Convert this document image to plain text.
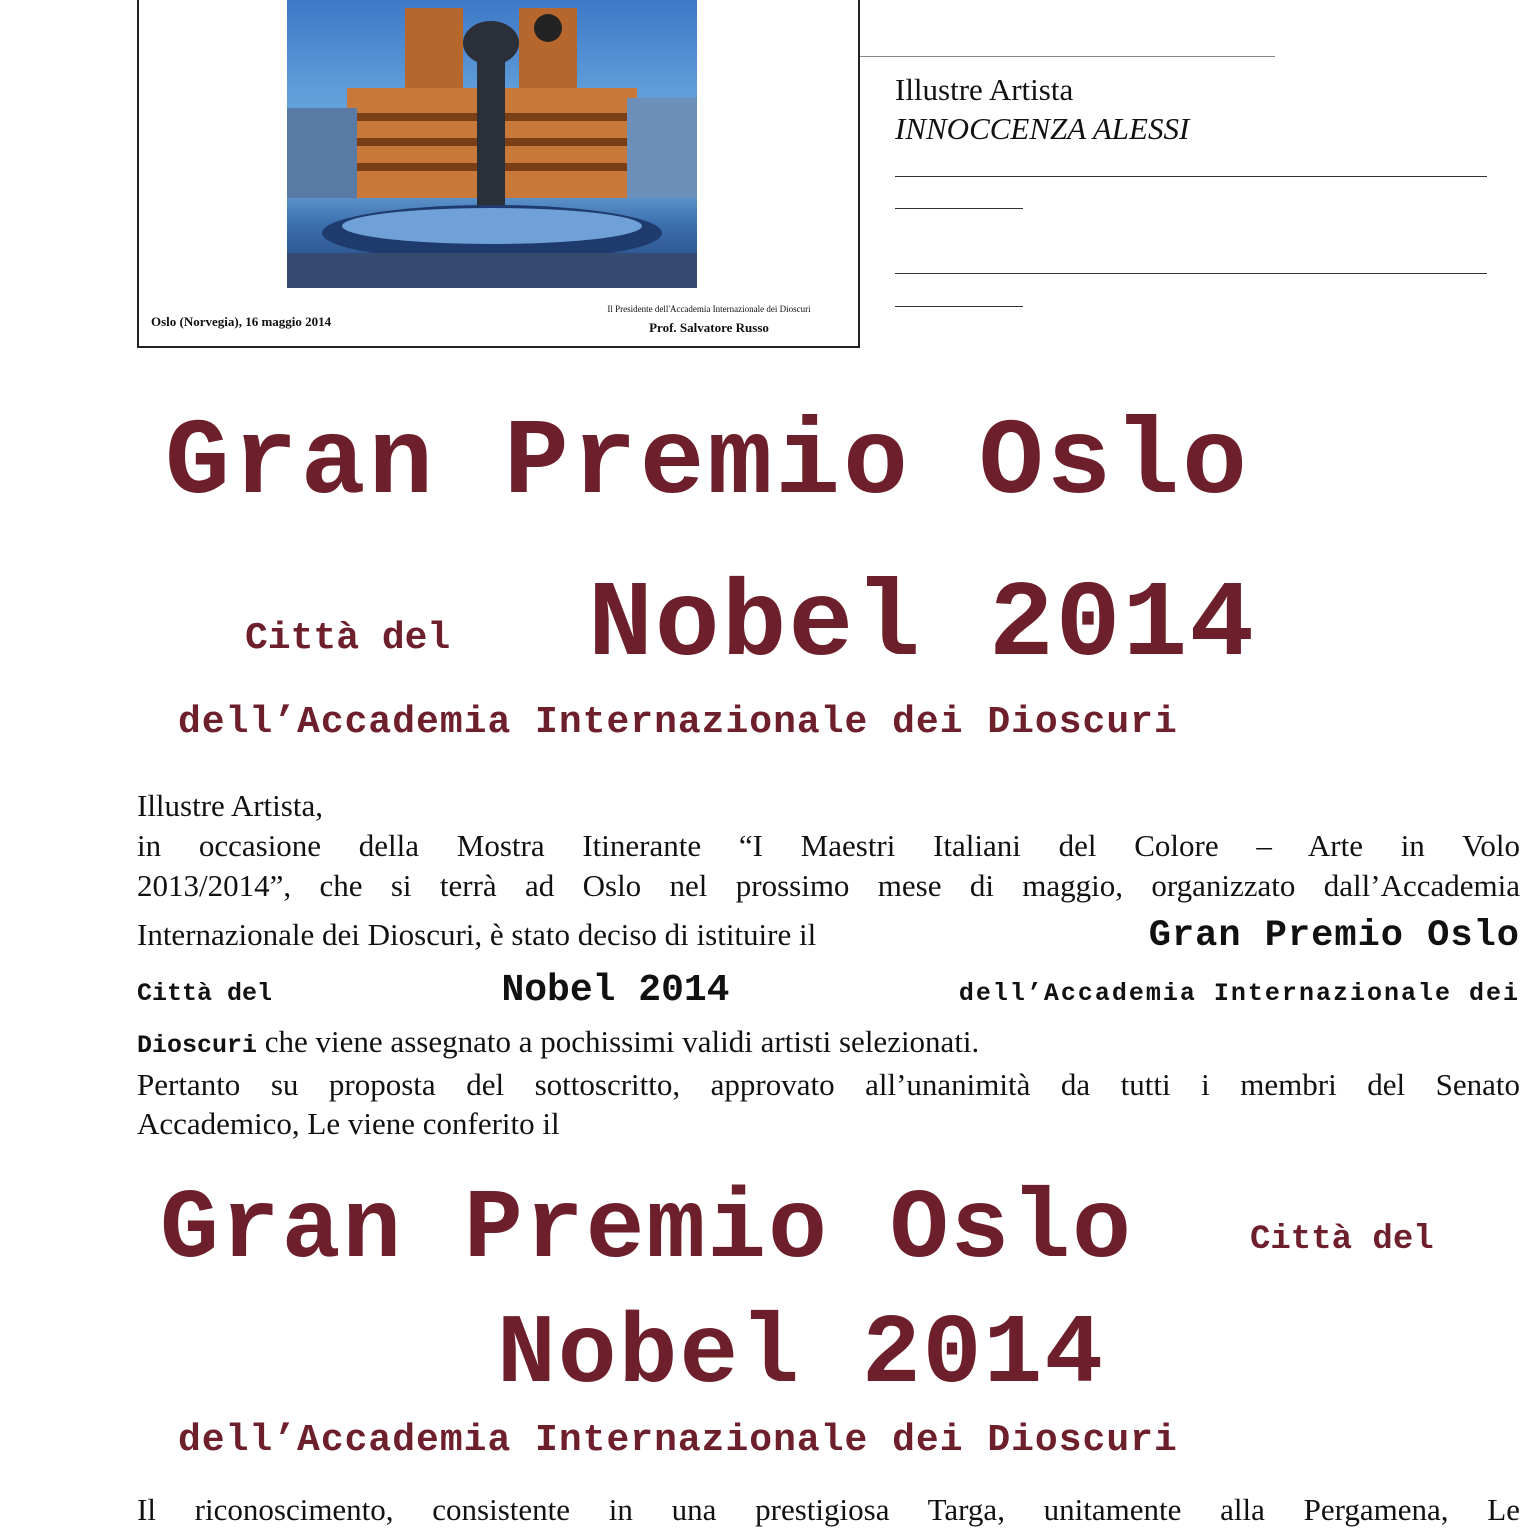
Oslo (Norvegia), 16 maggio 2014
Il Presidente dell'Accademia Internazionale dei Dioscuri
Prof. Salvatore Russo
Illustre Artista
INNOCCENZA ALESSI
Gran Premio Oslo
Città del Nobel 2014
dell’Accademia Internazionale dei Dioscuri
Illustre Artista,
in occasione della Mostra Itinerante “I Maestri Italiani del Colore – Arte in Volo
2013/2014”, che si terrà ad Oslo nel prossimo mese di maggio, organizzato dall’Accademia
Internazionale dei Dioscuri, è stato deciso di istituire il	Gran Premio Oslo
Città del	Nobel 2014	dell’Accademia Internazionale dei
Dioscuri che viene assegnato a pochissimi validi artisti selezionati.
Pertanto su proposta del sottoscritto, approvato all’unanimità da tutti i membri del Senato
Accademico, Le viene conferito il
Gran Premio Oslo	Città del
Nobel 2014
dell’Accademia Internazionale dei Dioscuri
Il riconoscimento, consistente in una prestigiosa Targa, unitamente alla Pergamena, Le
